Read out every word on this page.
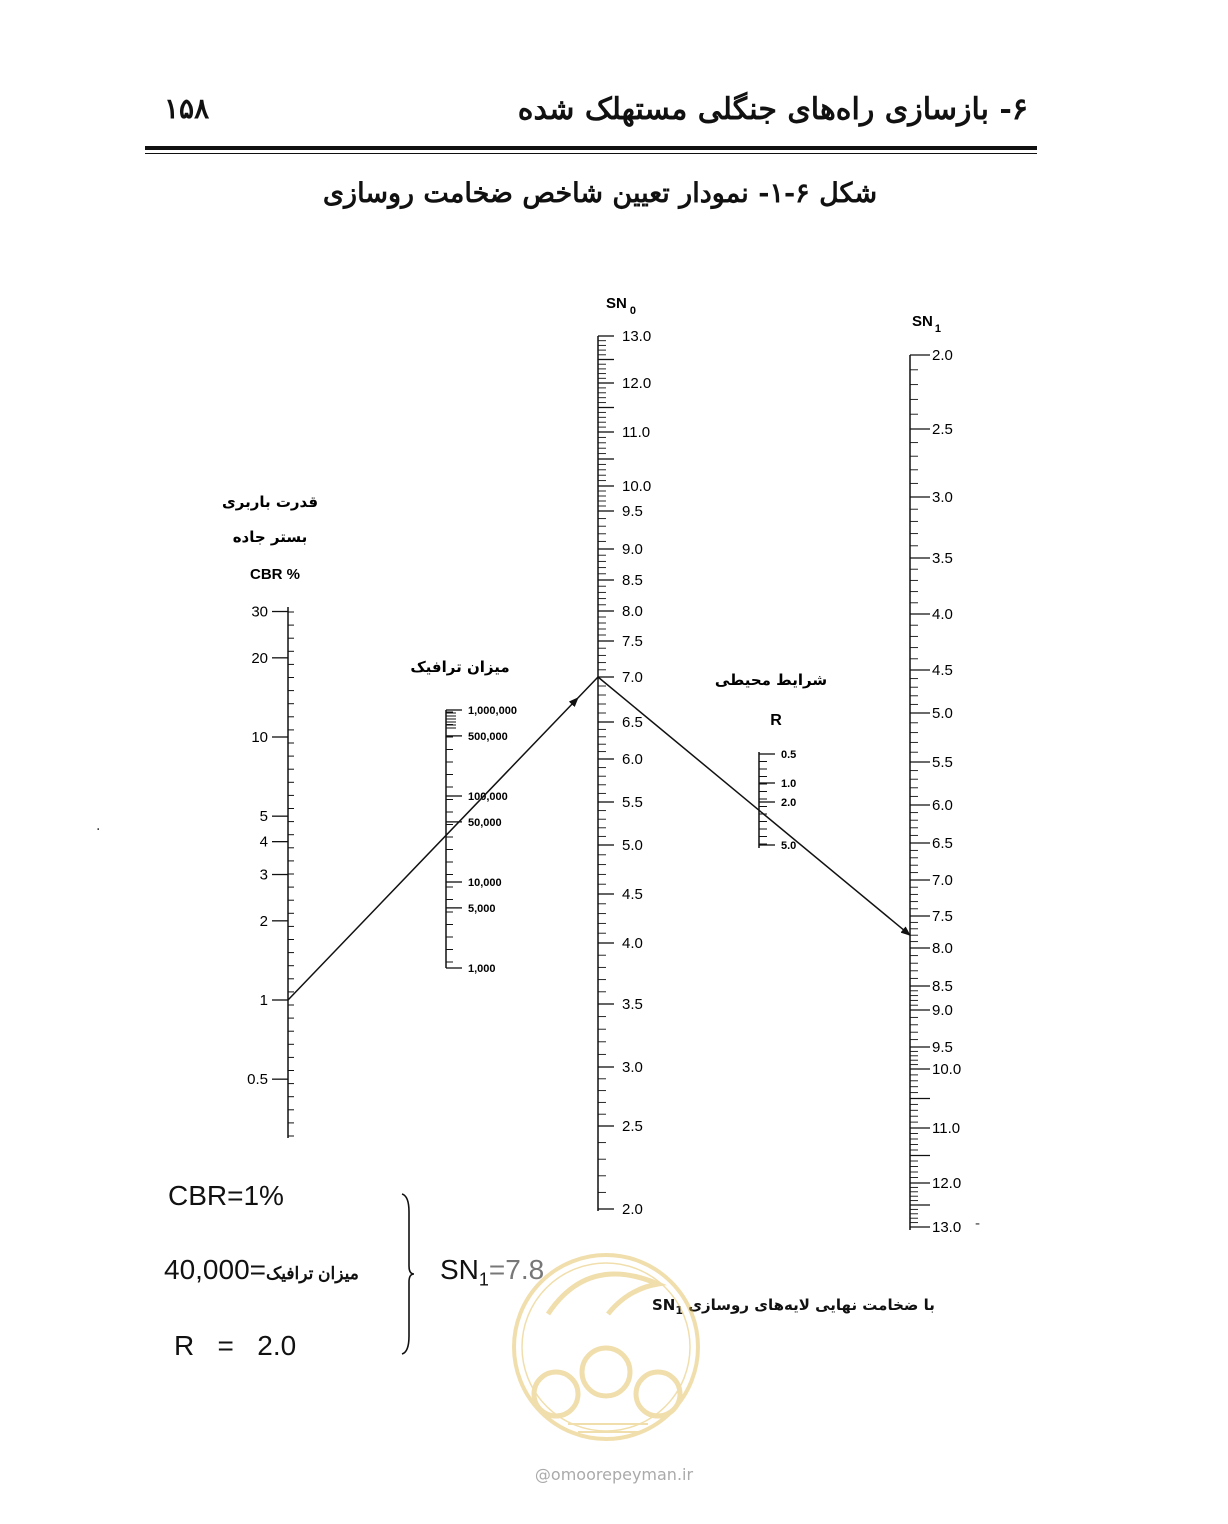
۶- بازسازی راه‌های جنگلی مستهلک شده
۱۵۸
شکل ۶-۱- نمودار تعیین شاخص ضخامت روسازی
قدرت باربری
بستر جاده
CBR %
30
20
10
5
4
3
2
1
0.5
میزان ترافیک
1,000,000
500,000
100,000
50,000
10,000
5,000
1,000
SN $_0$
13.0
12.0
11.0
10.0
9.5
9.0
8.5
8.0
7.5
7.0
6.5
6.0
5.5
5.0
4.5
4.0
3.5
3.0
2.5
2.0
شرایط محیطی
R
0.5
1.0
2.0
5.0
SN $_1$
2.0
2.5
3.0
3.5
4.0
4.5
5.0
5.5
6.0
6.5
7.0
7.5
8.0
8.5
9.0
9.5
10.0
11.0
12.0
13.0
CBR=1%
میزان ترافیک=40,000
R   =   2.0
$SN_1=7.8$
$SN_1$ با ضخامت نهایی لایه‌های روسازی
@omoorepeyman.ir
-
·
